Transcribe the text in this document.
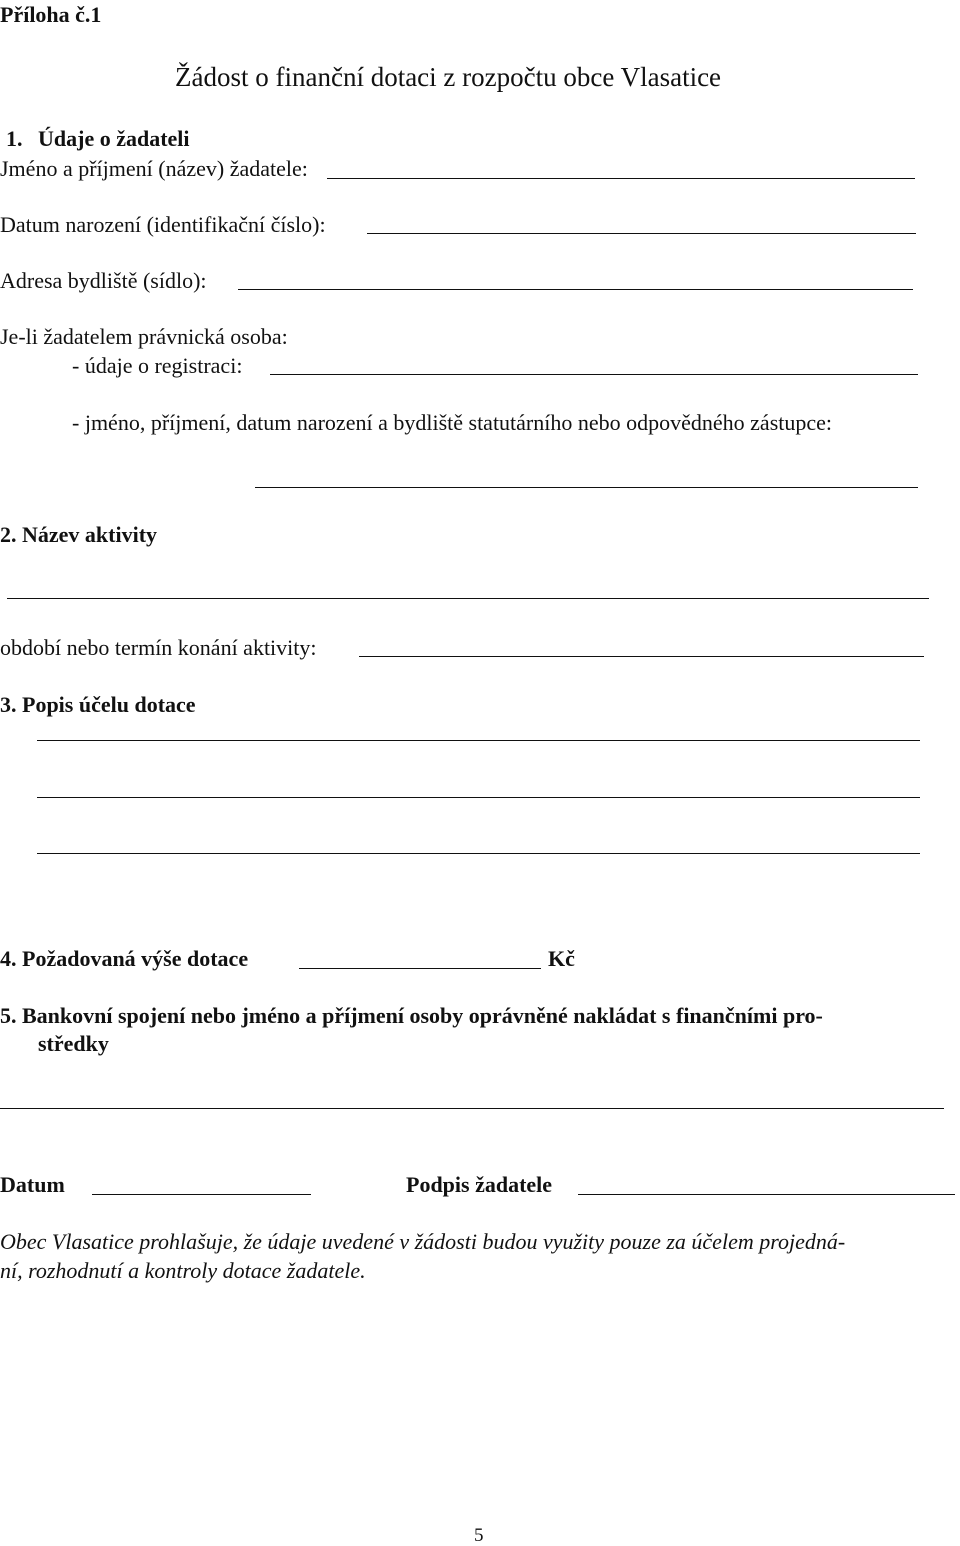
Příloha č.1
Žádost o finanční dotaci z rozpočtu obce Vlasatice
1. Údaje o žadateli
Jméno a příjmení (název) žadatele:
Datum narození (identifikační číslo):
Adresa bydliště (sídlo):
Je-li žadatelem právnická osoba:
- údaje o registraci:
- jméno, příjmení, datum narození a bydliště statutárního nebo odpovědného zástupce:
2. Název aktivity
období nebo termín konání aktivity:
3. Popis účelu dotace
4. Požadovaná výše dotace	Kč
5. Bankovní spojení nebo jméno a příjmení osoby oprávněné nakládat s finančními pro-
středky
Datum	Podpis žadatele
Obec Vlasatice prohlašuje, že údaje uvedené v žádosti budou využity pouze za účelem projedná-
ní, rozhodnutí a kontroly dotace žadatele.
5
